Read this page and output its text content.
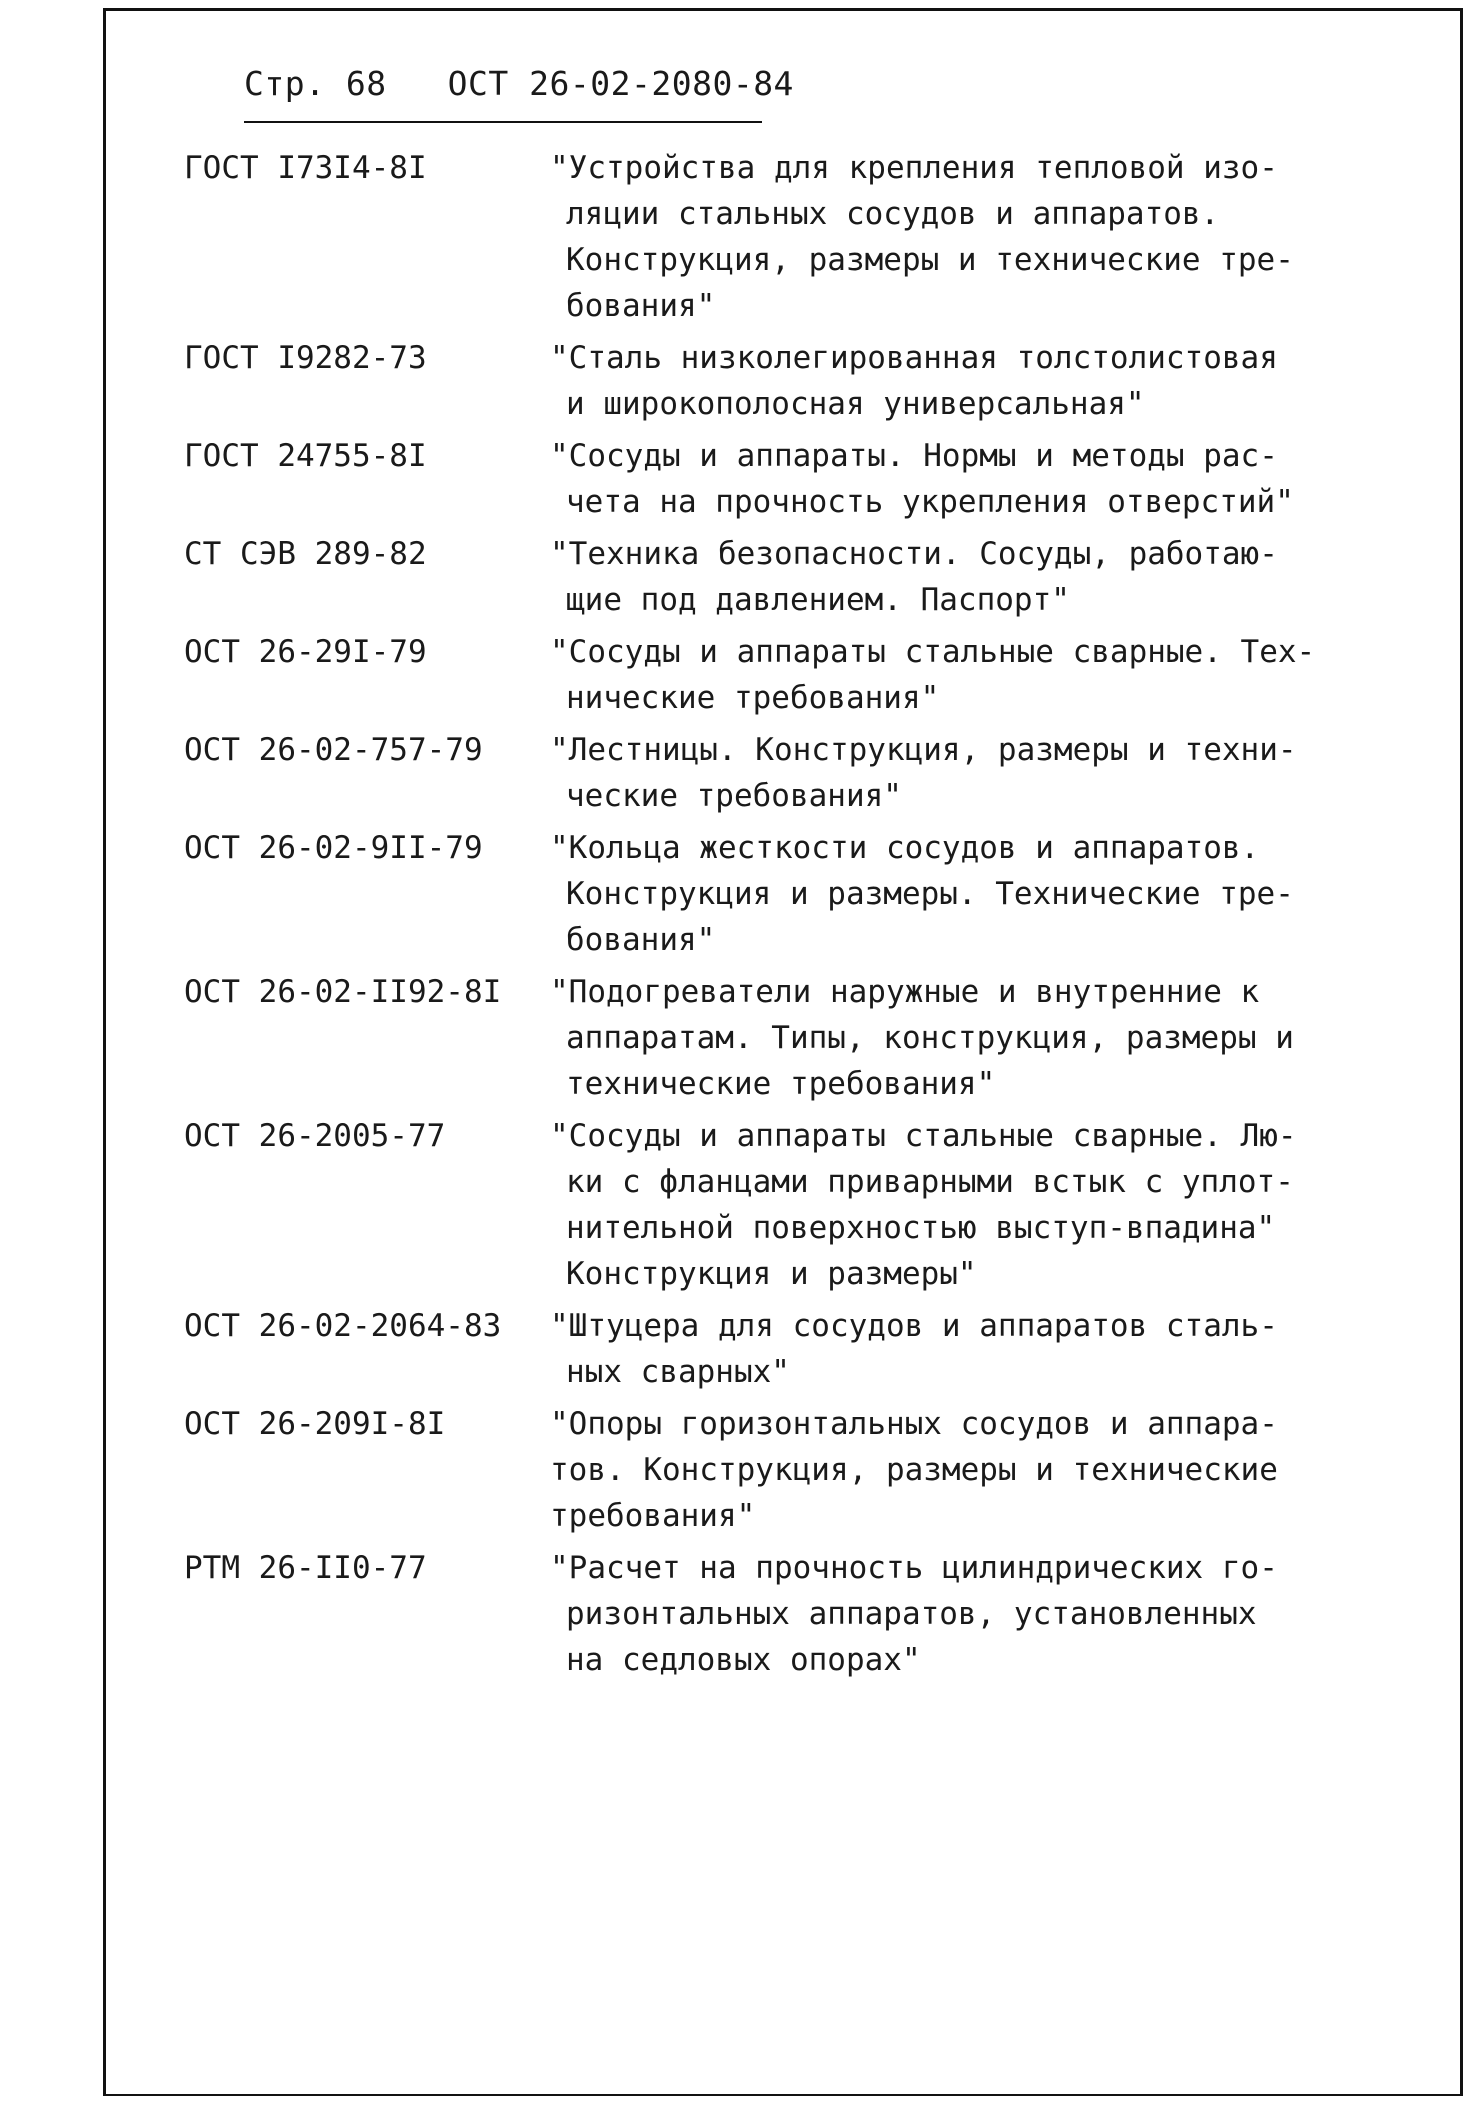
Стр. 68   ОСТ 26-02-2080-84
ГОСТ I73I4-8I	"Устройства для крепления тепловой изо-
ляции стальных сосудов и аппаратов.
Конструкция, размеры и технические тре-
бования"
ГОСТ I9282-73	"Сталь низколегированная толстолистовая
и широкополосная универсальная"
ГОСТ 24755-8I	"Сосуды и аппараты. Нормы и методы рас-
чета на прочность укрепления отверстий"
СТ СЭВ 289-82	"Техника безопасности. Сосуды, работаю-
щие под давлением. Паспорт"
ОСТ 26-29I-79	"Сосуды и аппараты стальные сварные. Тех-
нические требования"
ОСТ 26-02-757-79	"Лестницы. Конструкция, размеры и техни-
ческие требования"
ОСТ 26-02-9II-79	"Кольца жесткости сосудов и аппаратов.
Конструкция и размеры. Технические тре-
бования"
ОСТ 26-02-II92-8I	"Подогреватели наружные и внутренние к
аппаратам. Типы, конструкция, размеры и
технические требования"
ОСТ 26-2005-77	"Сосуды и аппараты стальные сварные. Лю-
ки с фланцами приварными встык с уплот-
нительной поверхностью выступ-впадина"
Конструкция и размеры"
ОСТ 26-02-2064-83	"Штуцера для сосудов и аппаратов сталь-
ных сварных"
ОСТ 26-209I-8I	"Опоры горизонтальных сосудов и аппара-
тов. Конструкция, размеры и технические
требования"
РТМ 26-II0-77	"Расчет на прочность цилиндрических го-
ризонтальных аппаратов, установленных
на седловых опорах"
